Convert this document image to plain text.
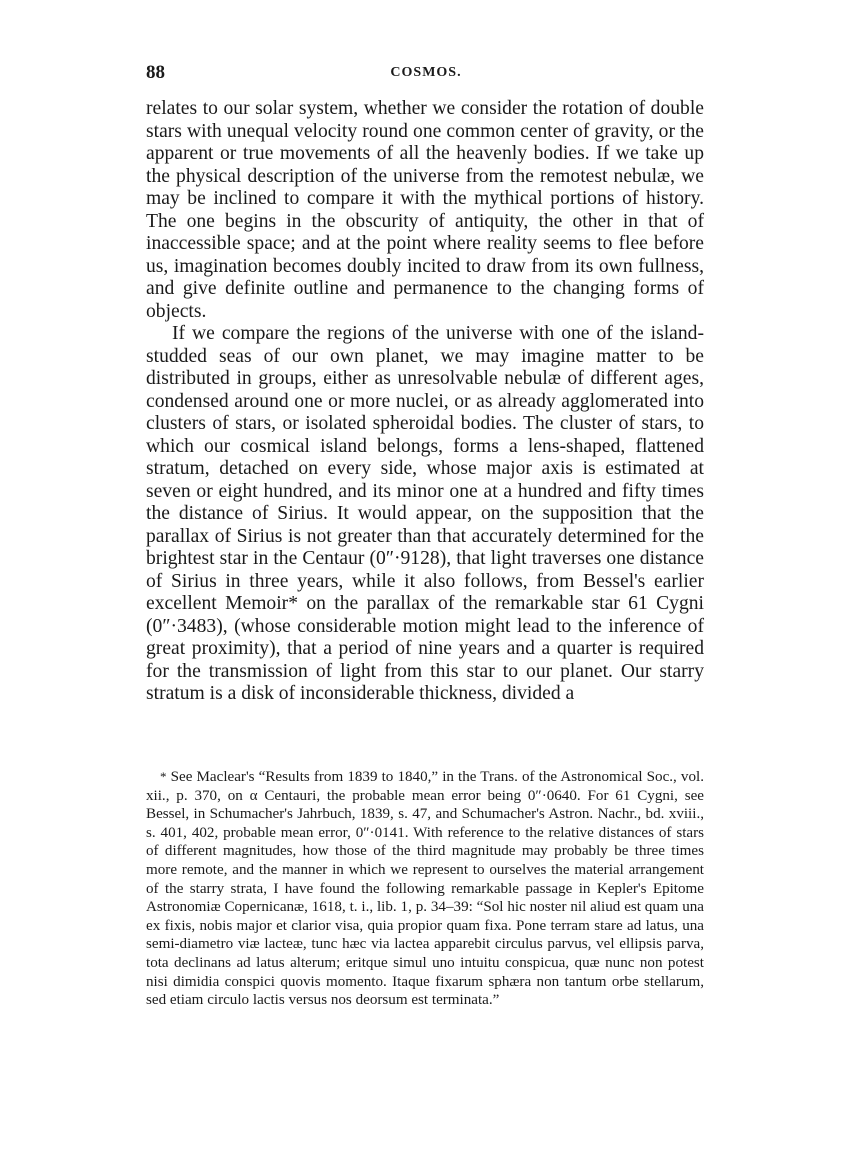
88	COSMOS.

relates to our solar system, whether we consider the rotation of double stars with unequal velocity round one common center of gravity, or the apparent or true movements of all the heavenly bodies. If we take up the physical description of the universe from the remotest nebulæ, we may be inclined to compare it with the mythical portions of history. The one begins in the obscurity of antiquity, the other in that of inaccessible space; and at the point where reality seems to flee before us, imagination becomes doubly incited to draw from its own fullness, and give definite outline and permanence to the changing forms of objects.

If we compare the regions of the universe with one of the island-studded seas of our own planet, we may imagine matter to be distributed in groups, either as unresolvable nebulæ of different ages, condensed around one or more nuclei, or as already agglomerated into clusters of stars, or isolated spheroidal bodies. The cluster of stars, to which our cosmical island belongs, forms a lens-shaped, flattened stratum, detached on every side, whose major axis is estimated at seven or eight hundred, and its minor one at a hundred and fifty times the distance of Sirius. It would appear, on the supposition that the parallax of Sirius is not greater than that accurately determined for the brightest star in the Centaur (0″·9128), that light traverses one distance of Sirius in three years, while it also follows, from Bessel's earlier excellent Memoir* on the parallax of the remarkable star 61 Cygni (0″·3483), (whose considerable motion might lead to the inference of great proximity), that a period of nine years and a quarter is required for the transmission of light from this star to our planet. Our starry stratum is a disk of inconsiderable thickness, divided a

* See Maclear's “Results from 1839 to 1840,” in the Trans. of the Astronomical Soc., vol. xii., p. 370, on α Centauri, the probable mean error being 0″·0640. For 61 Cygni, see Bessel, in Schumacher's Jahrbuch, 1839, s. 47, and Schumacher's Astron. Nachr., bd. xviii., s. 401, 402, probable mean error, 0″·0141. With reference to the relative distances of stars of different magnitudes, how those of the third magnitude may probably be three times more remote, and the manner in which we represent to ourselves the material arrangement of the starry strata, I have found the following remarkable passage in Kepler's Epitome Astronomiæ Copernicanæ, 1618, t. i., lib. 1, p. 34–39: “Sol hic noster nil aliud est quam una ex fixis, nobis major et clarior visa, quia propior quam fixa. Pone terram stare ad latus, una semi-diametro viæ lacteæ, tunc hæc via lactea apparebit circulus parvus, vel ellipsis parva, tota declinans ad latus alterum; eritque simul uno intuitu conspicua, quæ nunc non potest nisi dimidia conspici quovis momento. Itaque fixarum sphæra non tantum orbe stellarum, sed etiam circulo lactis versus nos deorsum est terminata.”
